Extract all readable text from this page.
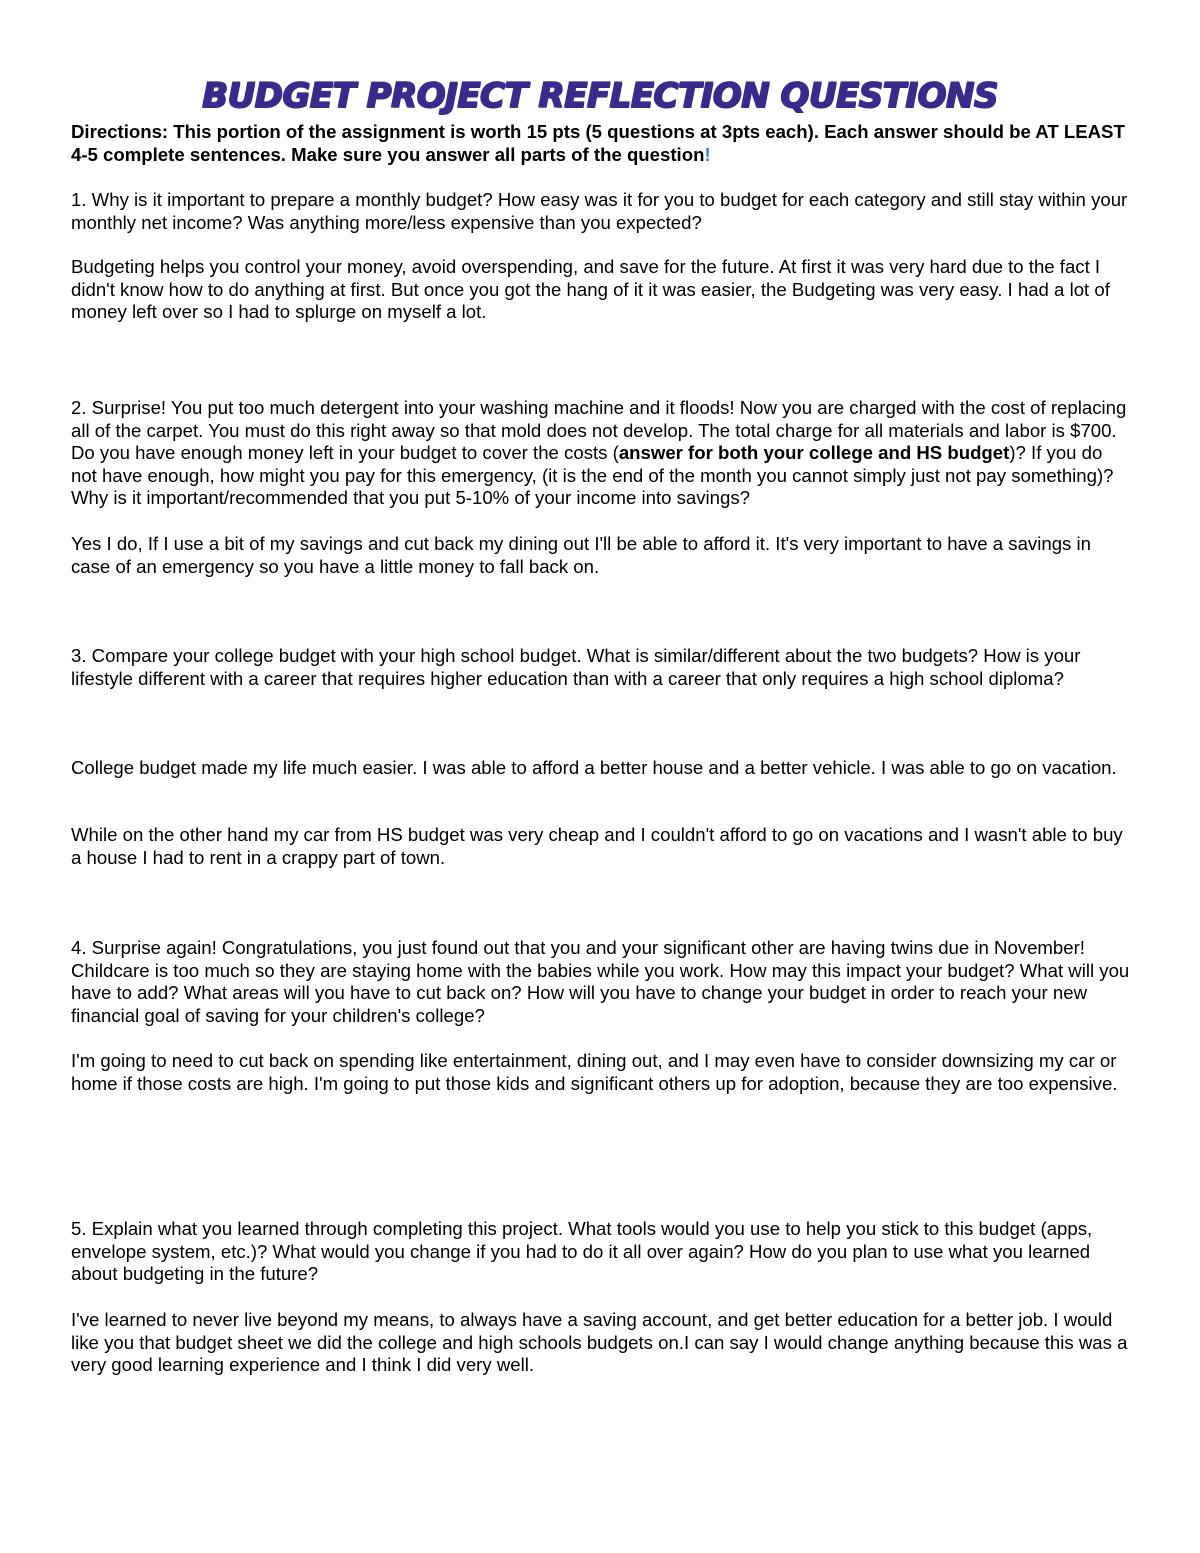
BUDGET PROJECT REFLECTION QUESTIONS

Directions: This portion of the assignment is worth 15 pts (5 questions at 3pts each). Each answer should be AT LEAST 4-5 complete sentences. Make sure you answer all parts of the question!

1. Why is it important to prepare a monthly budget? How easy was it for you to budget for each category and still stay within your monthly net income? Was anything more/less expensive than you expected?

Budgeting helps you control your money, avoid overspending, and save for the future. At first it was very hard due to the fact I didn't know how to do anything at first. But once you got the hang of it it was easier, the Budgeting was very easy. I had a lot of money left over so I had to splurge on myself a lot.

2. Surprise! You put too much detergent into your washing machine and it floods! Now you are charged with the cost of replacing all of the carpet. You must do this right away so that mold does not develop. The total charge for all materials and labor is $700. Do you have enough money left in your budget to cover the costs (answer for both your college and HS budget)? If you do not have enough, how might you pay for this emergency, (it is the end of the month you cannot simply just not pay something)? Why is it important/recommended that you put 5-10% of your income into savings?

Yes I do, If I use a bit of my savings and cut back my dining out I'll be able to afford it. It's very important to have a savings in case of an emergency so you have a little money to fall back on.

3. Compare your college budget with your high school budget. What is similar/different about the two budgets? How is your lifestyle different with a career that requires higher education than with a career that only requires a high school diploma?

College budget made my life much easier. I was able to afford a better house and a better vehicle. I was able to go on vacation.

While on the other hand my car from HS budget was very cheap and I couldn't afford to go on vacations and I wasn't able to buy a house I had to rent in a crappy part of town.

4. Surprise again! Congratulations, you just found out that you and your significant other are having twins due in November! Childcare is too much so they are staying home with the babies while you work. How may this impact your budget? What will you have to add? What areas will you have to cut back on? How will you have to change your budget in order to reach your new financial goal of saving for your children's college?

I'm going to need to cut back on spending like entertainment, dining out, and I may even have to consider downsizing my car or home if those costs are high. I'm going to put those kids and significant others up for adoption, because they are too expensive.

5. Explain what you learned through completing this project. What tools would you use to help you stick to this budget (apps, envelope system, etc.)? What would you change if you had to do it all over again? How do you plan to use what you learned about budgeting in the future?

I've learned to never live beyond my means, to always have a saving account, and get better education for a better job. I would like you that budget sheet we did the college and high schools budgets on.I can say I would change anything because this was a very good learning experience and I think I did very well.
